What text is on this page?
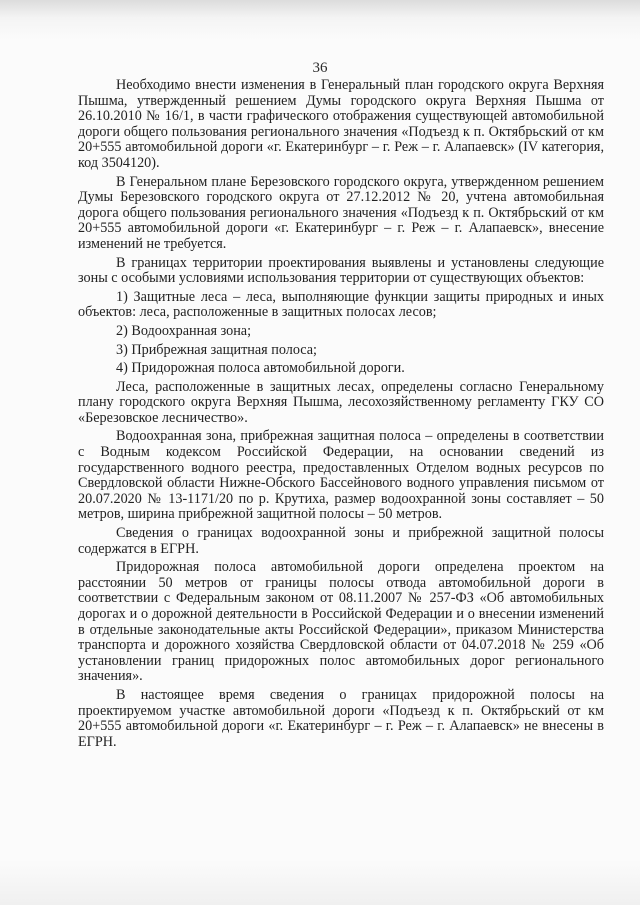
36

Необходимо внести изменения в Генеральный план городского округа Верхняя Пышма, утвержденный решением Думы городского округа Верхняя Пышма от 26.10.2010 № 16/1, в части графического отображения существующей автомобильной дороги общего пользования регионального значения «Подъезд к п. Октябрьский от км 20+555 автомобильной дороги «г. Екатеринбург – г. Реж – г. Алапаевск» (IV категория, код 3504120).

В Генеральном плане Березовского городского округа, утвержденном решением Думы Березовского городского округа от 27.12.2012 № 20, учтена автомобильная дорога общего пользования регионального значения «Подъезд к п. Октябрьский от км 20+555 автомобильной дороги «г. Екатеринбург – г. Реж – г. Алапаевск», внесение изменений не требуется.

В границах территории проектирования выявлены и установлены следующие зоны с особыми условиями использования территории от существующих объектов:

1) Защитные леса – леса, выполняющие функции защиты природных и иных объектов: леса, расположенные в защитных полосах лесов;

2) Водоохранная зона;

3) Прибрежная защитная полоса;

4) Придорожная полоса автомобильной дороги.

Леса, расположенные в защитных лесах, определены согласно Генеральному плану городского округа Верхняя Пышма, лесохозяйственному регламенту ГКУ СО «Березовское лесничество».

Водоохранная зона, прибрежная защитная полоса – определены в соответствии с Водным кодексом Российской Федерации, на основании сведений из государственного водного реестра, предоставленных Отделом водных ресурсов по Свердловской области Нижне-Обского Бассейнового водного управления письмом от 20.07.2020 № 13-1171/20 по р. Крутиха, размер водоохранной зоны составляет – 50 метров, ширина прибрежной защитной полосы – 50 метров.

Сведения о границах водоохранной зоны и прибрежной защитной полосы содержатся в ЕГРН.

Придорожная полоса автомобильной дороги определена проектом на расстоянии 50 метров от границы полосы отвода автомобильной дороги в соответствии с Федеральным законом от 08.11.2007 № 257-ФЗ «Об автомобильных дорогах и о дорожной деятельности в Российской Федерации и о внесении изменений в отдельные законодательные акты Российской Федерации», приказом Министерства транспорта и дорожного хозяйства Свердловской области от 04.07.2018 № 259 «Об установлении границ придорожных полос автомобильных дорог регионального значения».

В настоящее время сведения о границах придорожной полосы на проектируемом участке автомобильной дороги «Подъезд к п. Октябрьский от км 20+555 автомобильной дороги «г. Екатеринбург – г. Реж – г. Алапаевск» не внесены в ЕГРН.
